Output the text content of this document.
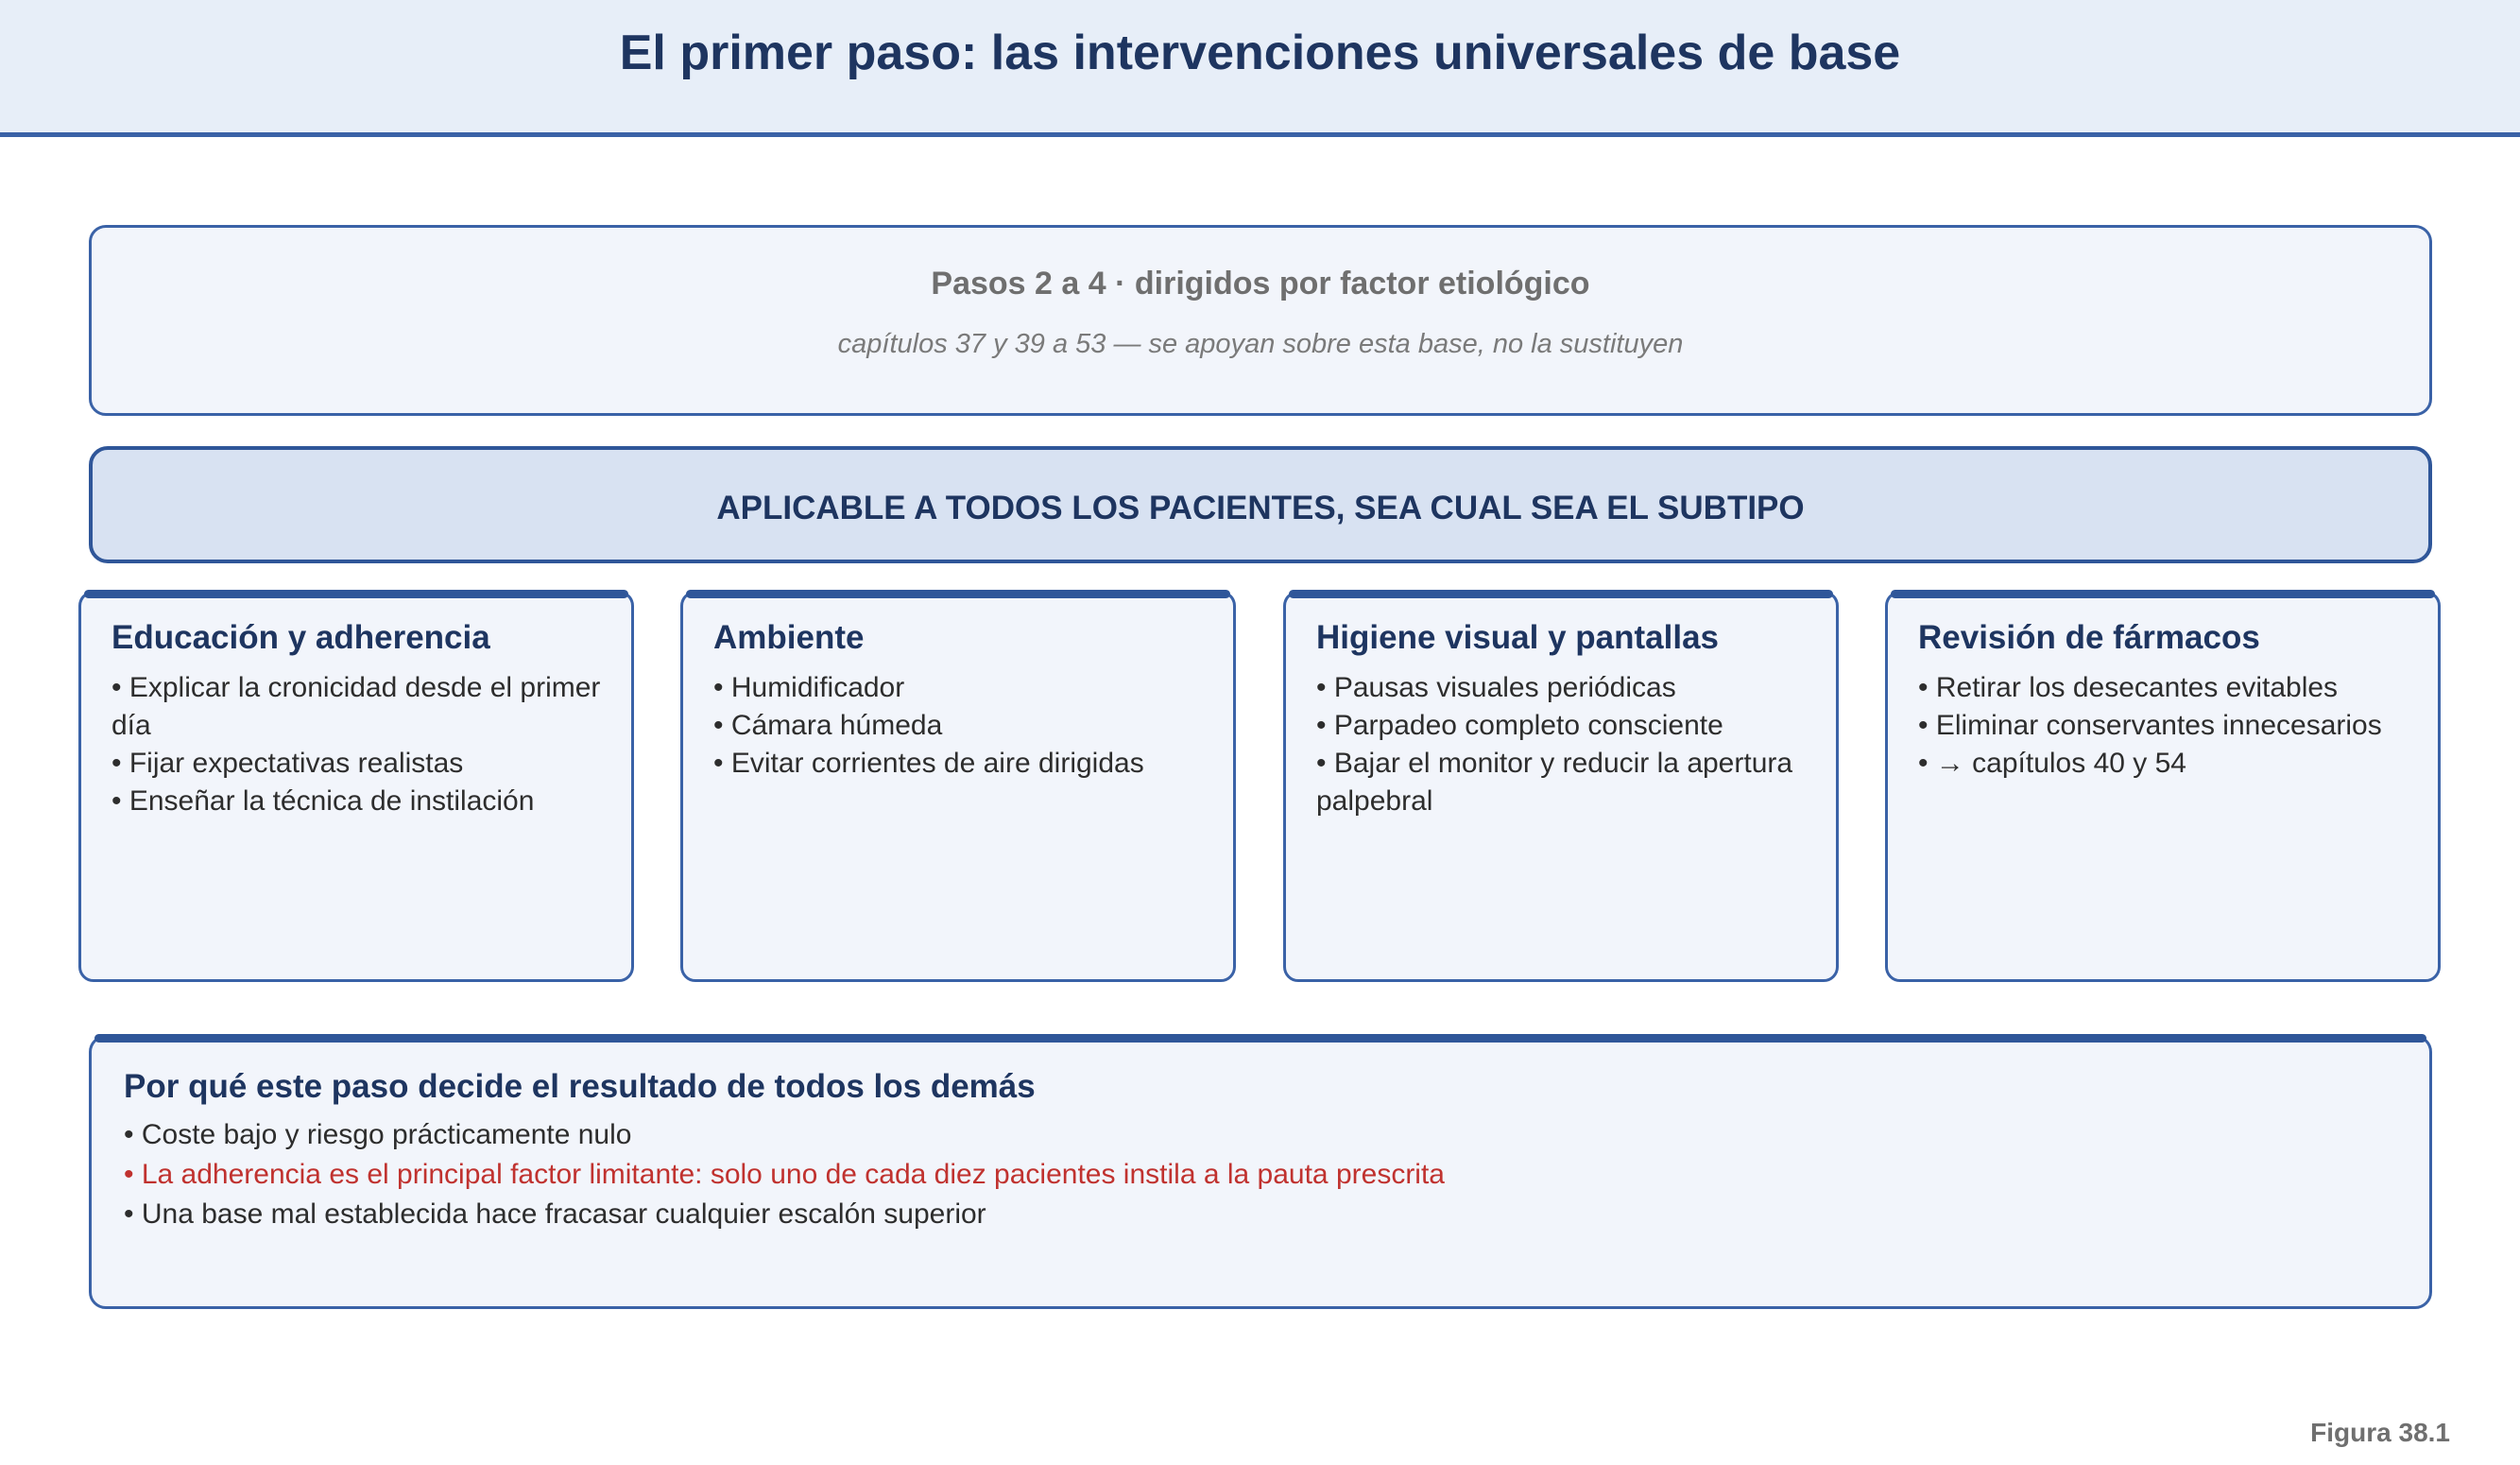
El primer paso: las intervenciones universales de base
Pasos 2 a 4 · dirigidos por factor etiológico
capítulos 37 y 39 a 53 — se apoyan sobre esta base, no la sustituyen
APLICABLE A TODOS LOS PACIENTES, SEA CUAL SEA EL SUBTIPO
Educación y adherencia
• Explicar la cronicidad desde el primer día
• Fijar expectativas realistas
• Enseñar la técnica de instilación
Ambiente
• Humidificador
• Cámara húmeda
• Evitar corrientes de aire dirigidas
Higiene visual y pantallas
• Pausas visuales periódicas
• Parpadeo completo consciente
• Bajar el monitor y reducir la apertura palpebral
Revisión de fármacos
• Retirar los desecantes evitables
• Eliminar conservantes innecesarios
• → capítulos 40 y 54
Por qué este paso decide el resultado de todos los demás
• Coste bajo y riesgo prácticamente nulo
• La adherencia es el principal factor limitante: solo uno de cada diez pacientes instila a la pauta prescrita
• Una base mal establecida hace fracasar cualquier escalón superior
Figura 38.1
